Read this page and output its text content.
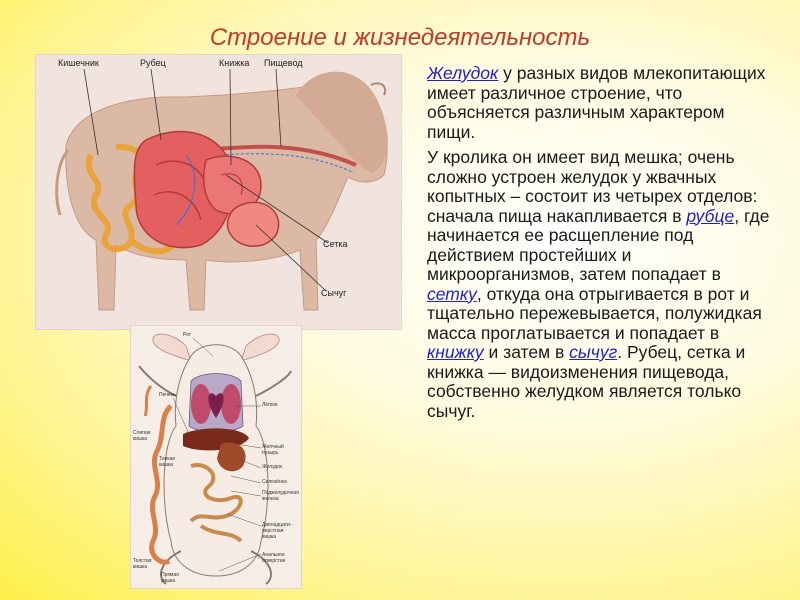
Строение и жизнедеятельность
Кишечник	Рубец	Книжка Пищевод
Сетка
Сычуг
Рот
Печень
Лёгкое
Слепая кишка
Желчный пузырь
Желудок
Селезёнка
Поджелудочная железа
Тонкая кишка
Двенадцати-перстная кишка
Толстая кишка
Прямая кишка
Анальное отверстие

Желудок у разных видов млекопитающих имеет различное строение, что объясняется различным характером пищи.

У кролика он имеет вид мешка; очень сложно устроен желудок у жвачных копытных – состоит из четырех отделов: сначала пища накапливается в рубце, где начинается ее расщепление под действием простейших и микроорганизмов, затем попадает в сетку, откуда она отрыгивается в рот и тщательно пережевывается, полужидкая масса проглатывается и попадает в книжку и затем в сычуг. Рубец, сетка и книжка — видоизменения пищевода, собственно желудком является только сычуг.
